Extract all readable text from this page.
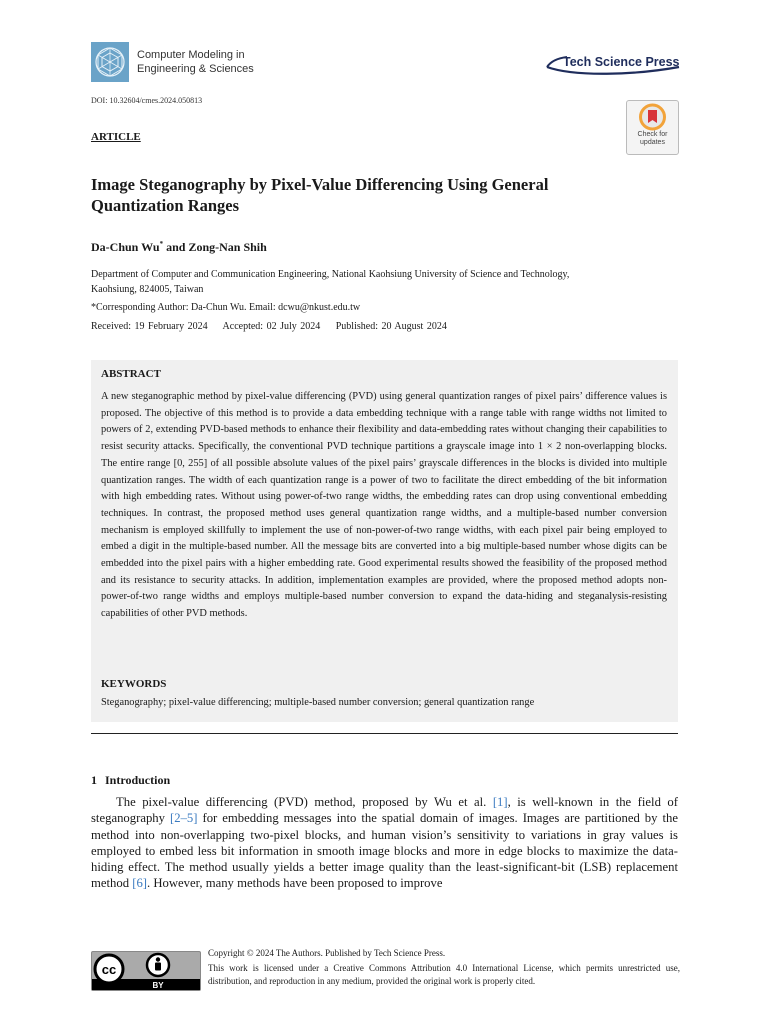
Computer Modeling in
Engineering & Sciences	Tech Science Press
DOI: 10.32604/cmes.2024.050813
ARTICLE	Check for
updates
Image Steganography by Pixel-Value Differencing Using General
Quantization Ranges
Da-Chun Wu* and Zong-Nan Shih
Department of Computer and Communication Engineering, National Kaohsiung University of Science and Technology,
Kaohsiung, 824005, Taiwan
*Corresponding Author: Da-Chun Wu. Email: dcwu@nkust.edu.tw
Received: 19 February 2024 Accepted: 02 July 2024 Published: 20 August 2024
ABSTRACT
A new steganographic method by pixel-value differencing (PVD) using general quantization ranges of pixel pairs’ difference values is proposed. The objective of this method is to provide a data embedding technique with a range table with range widths not limited to powers of 2, extending PVD-based methods to enhance their flexibility and data-embedding rates without changing their capabilities to resist security attacks. Specifically, the conventional PVD technique partitions a grayscale image into 1 × 2 non-overlapping blocks. The entire range [0, 255] of all possible absolute values of the pixel pairs’ grayscale differences in the blocks is divided into multiple quantization ranges. The width of each quantization range is a power of two to facilitate the direct embedding of the bit information with high embedding rates. Without using power-of-two range widths, the embedding rates can drop using conventional embedding techniques. In contrast, the proposed method uses general quantization range widths, and a multiple-based number conversion mechanism is employed skillfully to implement the use of non-power-of-two range widths, with each pixel pair being employed to embed a digit in the multiple-based number. All the message bits are converted into a big multiple-based number whose digits can be embedded into the pixel pairs with a higher embedding rate. Good experimental results showed the feasibility of the proposed method and its resistance to security attacks. In addition, implementation examples are provided, where the proposed method adopts non-power-of-two range widths and employs multiple-based number conversion to expand the data-hiding and steganalysis-resisting capabilities of other PVD methods.
KEYWORDS
Steganography; pixel-value differencing; multiple-based number conversion; general quantization range
1 Introduction
The pixel-value differencing (PVD) method, proposed by Wu et al. [1], is well-known in the field of steganography [2–5] for embedding messages into the spatial domain of images. Images are partitioned by the method into non-overlapping two-pixel blocks, and human vision’s sensitivity to variations in gray values is employed to embed less bit information in smooth image blocks and more in edge blocks to maximize the data-hiding effect. The method usually yields a better image quality than the least-significant-bit (LSB) replacement method [6]. However, many methods have been proposed to improve
cc
BY
Copyright © 2024 The Authors. Published by Tech Science Press.
This work is licensed under a Creative Commons Attribution 4.0 International License, which permits unrestricted use, distribution, and reproduction in any medium, provided the original work is properly cited.
